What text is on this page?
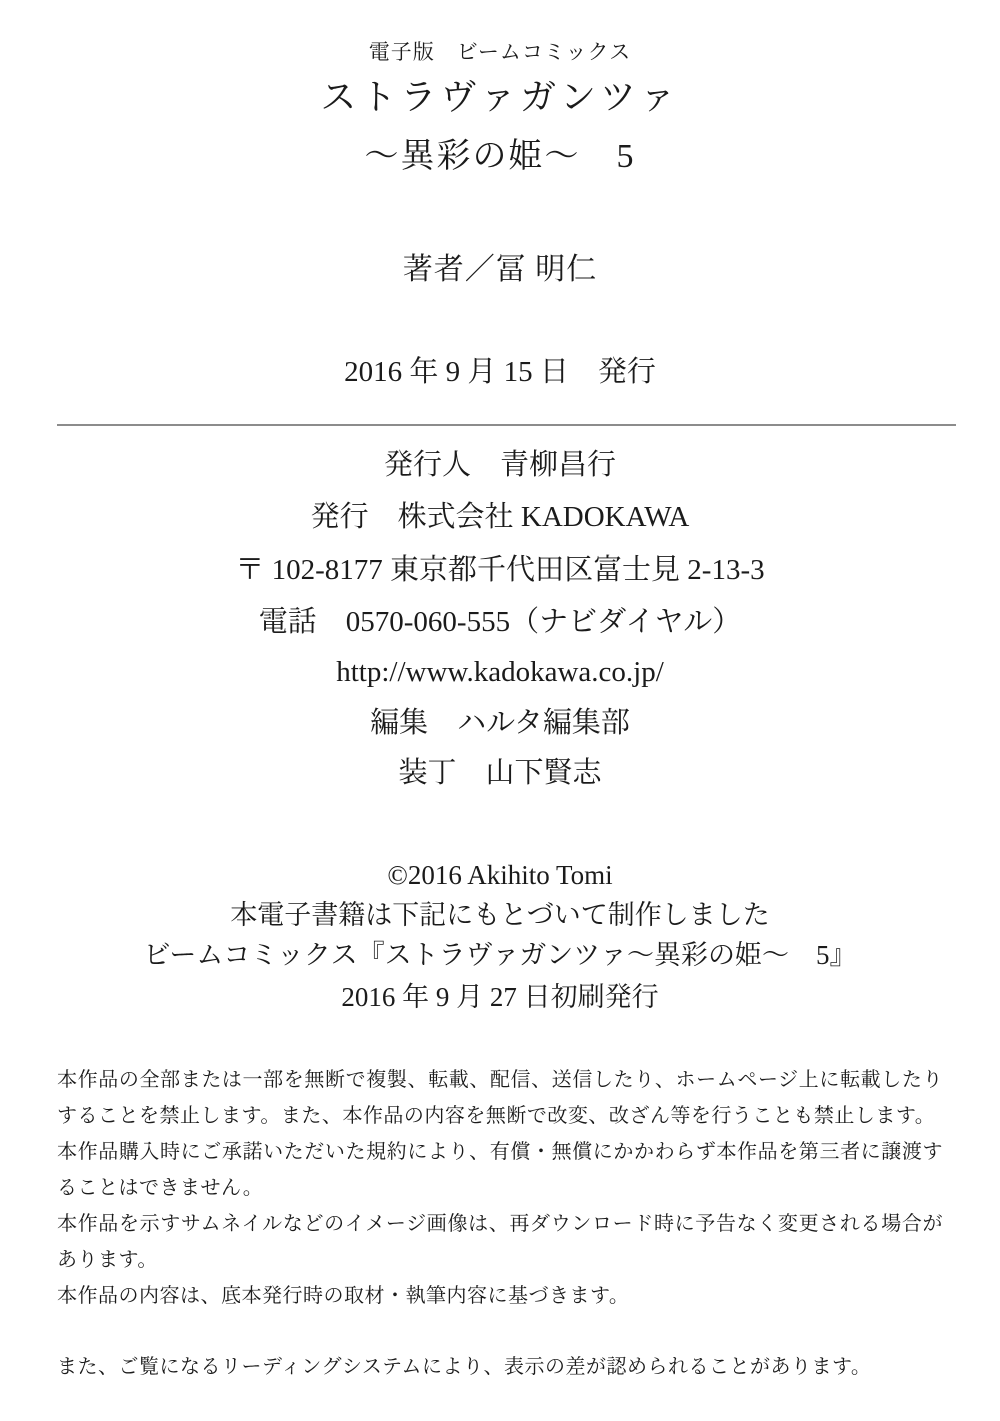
電子版　ビームコミックス
ストラヴァガンツァ
～異彩の姫～　5
著者／冨 明仁
2016 年 9 月 15 日　発行
発行人　青柳昌行
発行　株式会社 KADOKAWA
〒 102-8177 東京都千代田区富士見 2-13-3
電話　0570-060-555（ナビダイヤル）
http://www.kadokawa.co.jp/
編集　ハルタ編集部
装丁　山下賢志
©2016 Akihito Tomi
本電子書籍は下記にもとづいて制作しました
ビームコミックス『ストラヴァガンツァ～異彩の姫～　5』
2016 年 9 月 27 日初刷発行

本作品の全部または一部を無断で複製、転載、配信、送信したり、ホームページ上に転載したりすることを禁止します。また、本作品の内容を無断で改変、改ざん等を行うことも禁止します。

本作品購入時にご承諾いただいた規約により、有償・無償にかかわらず本作品を第三者に譲渡することはできません。

本作品を示すサムネイルなどのイメージ画像は、再ダウンロード時に予告なく変更される場合があります。

本作品の内容は、底本発行時の取材・執筆内容に基づきます。

また、ご覧になるリーディングシステムにより、表示の差が認められることがあります。
